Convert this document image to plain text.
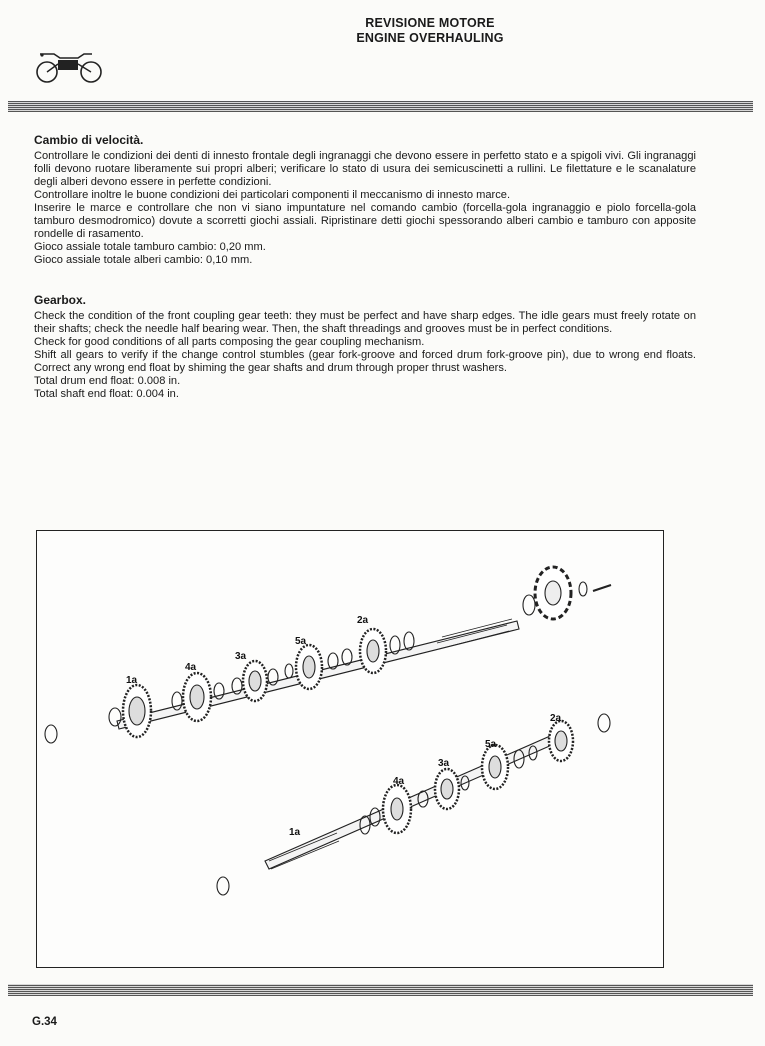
REVISIONE MOTORE
ENGINE OVERHAULING
Cambio di velocità.

Controllare le condizioni dei denti di innesto frontale degli ingranaggi che devono essere in perfetto stato e a spigoli vivi. Gli ingranaggi folli devono ruotare liberamente sui propri alberi; verificare lo stato di usura dei semicuscinetti a rullini. Le filettature e le scanalature degli alberi devono essere in perfette condizioni.

Controllare inoltre le buone condizioni dei particolari componenti il meccanismo di innesto marce.

Inserire le marce e controllare che non vi siano impuntature nel comando cambio (forcella-gola ingranaggio e piolo forcella-gola tamburo desmodromico) dovute a scorretti giochi assiali. Ripristinare detti giochi spessorando alberi cambio e tamburo con apposite rondelle di rasamento.

Gioco assiale totale tamburo cambio: 0,20 mm.

Gioco assiale totale alberi cambio: 0,10 mm.

Gearbox.

Check the condition of the front coupling gear teeth: they must be perfect and have sharp edges. The idle gears must freely rotate on their shafts; check the needle half bearing wear. Then, the shaft threadings and grooves must be in perfect conditions.

Check for good conditions of all parts composing the gear coupling mechanism.

Shift all gears to verify if the change control stumbles (gear fork-groove and forced drum fork-groove pin), due to wrong end floats. Correct any wrong end float by shiming the gear shafts and drum through proper thrust washers.

Total drum end float: 0.008 in.

Total shaft end float: 0.004 in.

1a
4a
3a
5a
2a
2a
5a
3a
4a
1a
G.34
